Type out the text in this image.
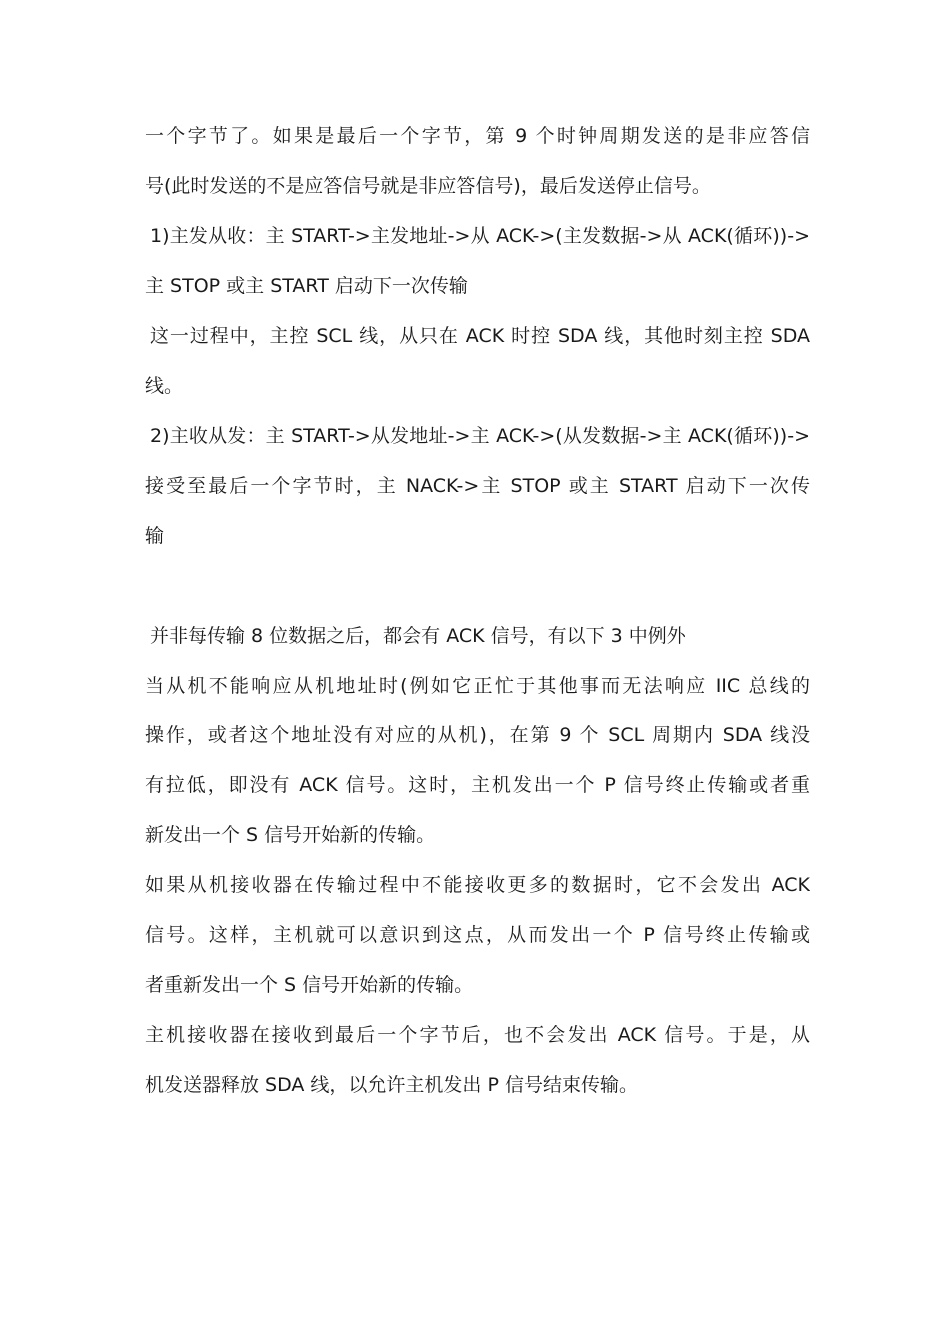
一个字节了。如果是最后一个字节，第 9 个时钟周期发送的是非应答信
号(此时发送的不是应答信号就是非应答信号)，最后发送停止信号。
1)主发从收：主 START->主发地址->从 ACK->(主发数据->从 ACK(循环))->
主 STOP 或主 START 启动下一次传输
这一过程中，主控 SCL 线，从只在 ACK 时控 SDA 线，其他时刻主控 SDA
线。
2)主收从发：主 START->从发地址->主 ACK->(从发数据->主 ACK(循环))->
接受至最后一个字节时，主 NACK->主 STOP 或主 START 启动下一次传
输
并非每传输 8 位数据之后，都会有 ACK 信号，有以下 3 中例外
当从机不能响应从机地址时(例如它正忙于其他事而无法响应 IIC 总线的
操作，或者这个地址没有对应的从机)，在第 9 个 SCL 周期内 SDA 线没
有拉低，即没有 ACK 信号。这时，主机发出一个 P 信号终止传输或者重
新发出一个 S 信号开始新的传输。
如果从机接收器在传输过程中不能接收更多的数据时，它不会发出 ACK
信号。这样，主机就可以意识到这点，从而发出一个 P 信号终止传输或
者重新发出一个 S 信号开始新的传输。
主机接收器在接收到最后一个字节后，也不会发出 ACK 信号。于是，从
机发送器释放 SDA 线，以允许主机发出 P 信号结束传输。
